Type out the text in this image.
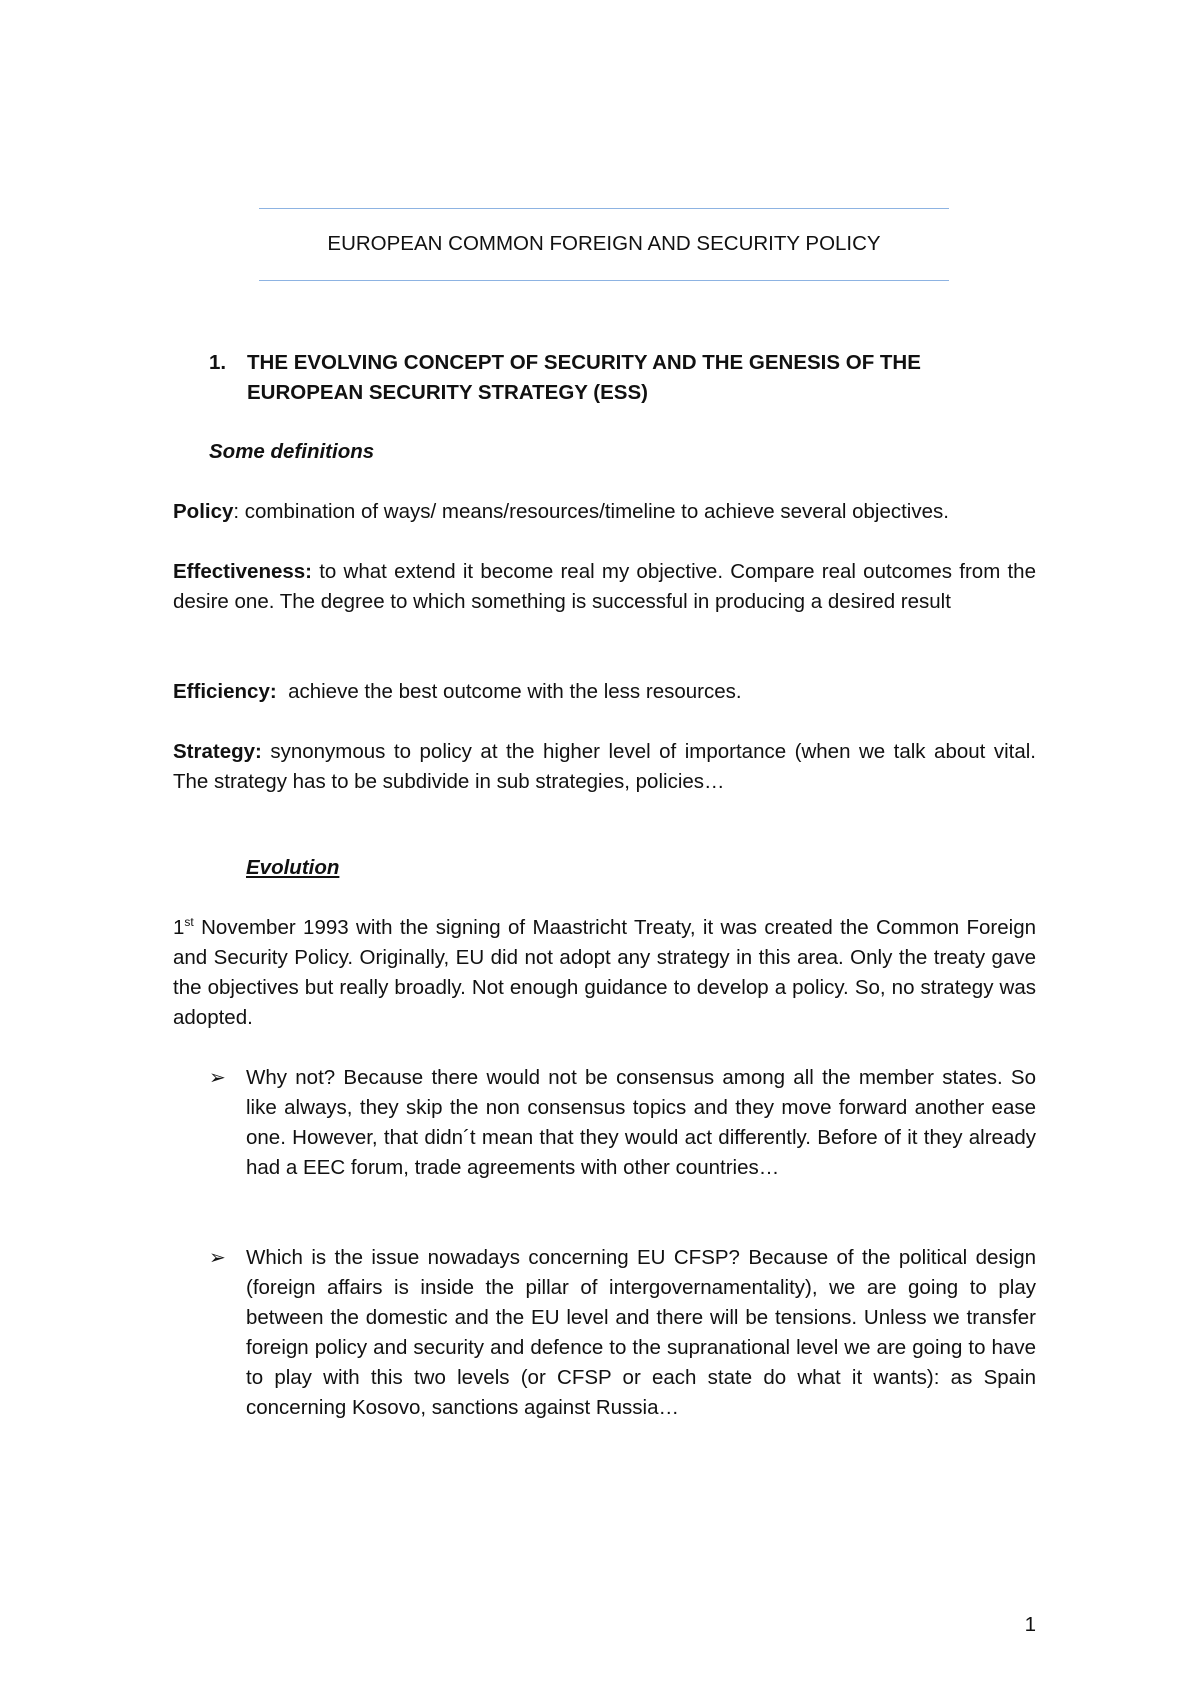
EUROPEAN COMMON FOREIGN AND SECURITY POLICY
1.	THE EVOLVING CONCEPT OF SECURITY AND THE GENESIS OF THE EUROPEAN SECURITY STRATEGY (ESS)
Some definitions
Policy: combination of ways/ means/resources/timeline to achieve several objectives.
Effectiveness: to what extend it become real my objective. Compare real outcomes from the desire one. The degree to which something is successful in producing a desired result
Efficiency:  achieve the best outcome with the less resources.
Strategy: synonymous to policy at the higher level of importance (when we talk about vital. The strategy has to be subdivide in sub strategies, policies…
Evolution
1st November 1993 with the signing of Maastricht Treaty, it was created the Common Foreign and Security Policy. Originally, EU did not adopt any strategy in this area. Only the treaty gave the objectives but really broadly. Not enough guidance to develop a policy. So, no strategy was adopted.
➢ Why not? Because there would not be consensus among all the member states. So like always, they skip the non consensus topics and they move forward another ease one. However, that didn´t mean that they would act differently. Before of it they already had a EEC forum, trade agreements with other countries…
➢ Which is the issue nowadays concerning EU CFSP? Because of the political design (foreign affairs is inside the pillar of intergovernamentality), we are going to play between the domestic and the EU level and there will be tensions. Unless we transfer foreign policy and security and defence to the supranational level we are going to have to play with this two levels (or CFSP or each state do what it wants): as Spain concerning Kosovo, sanctions against Russia…
1
